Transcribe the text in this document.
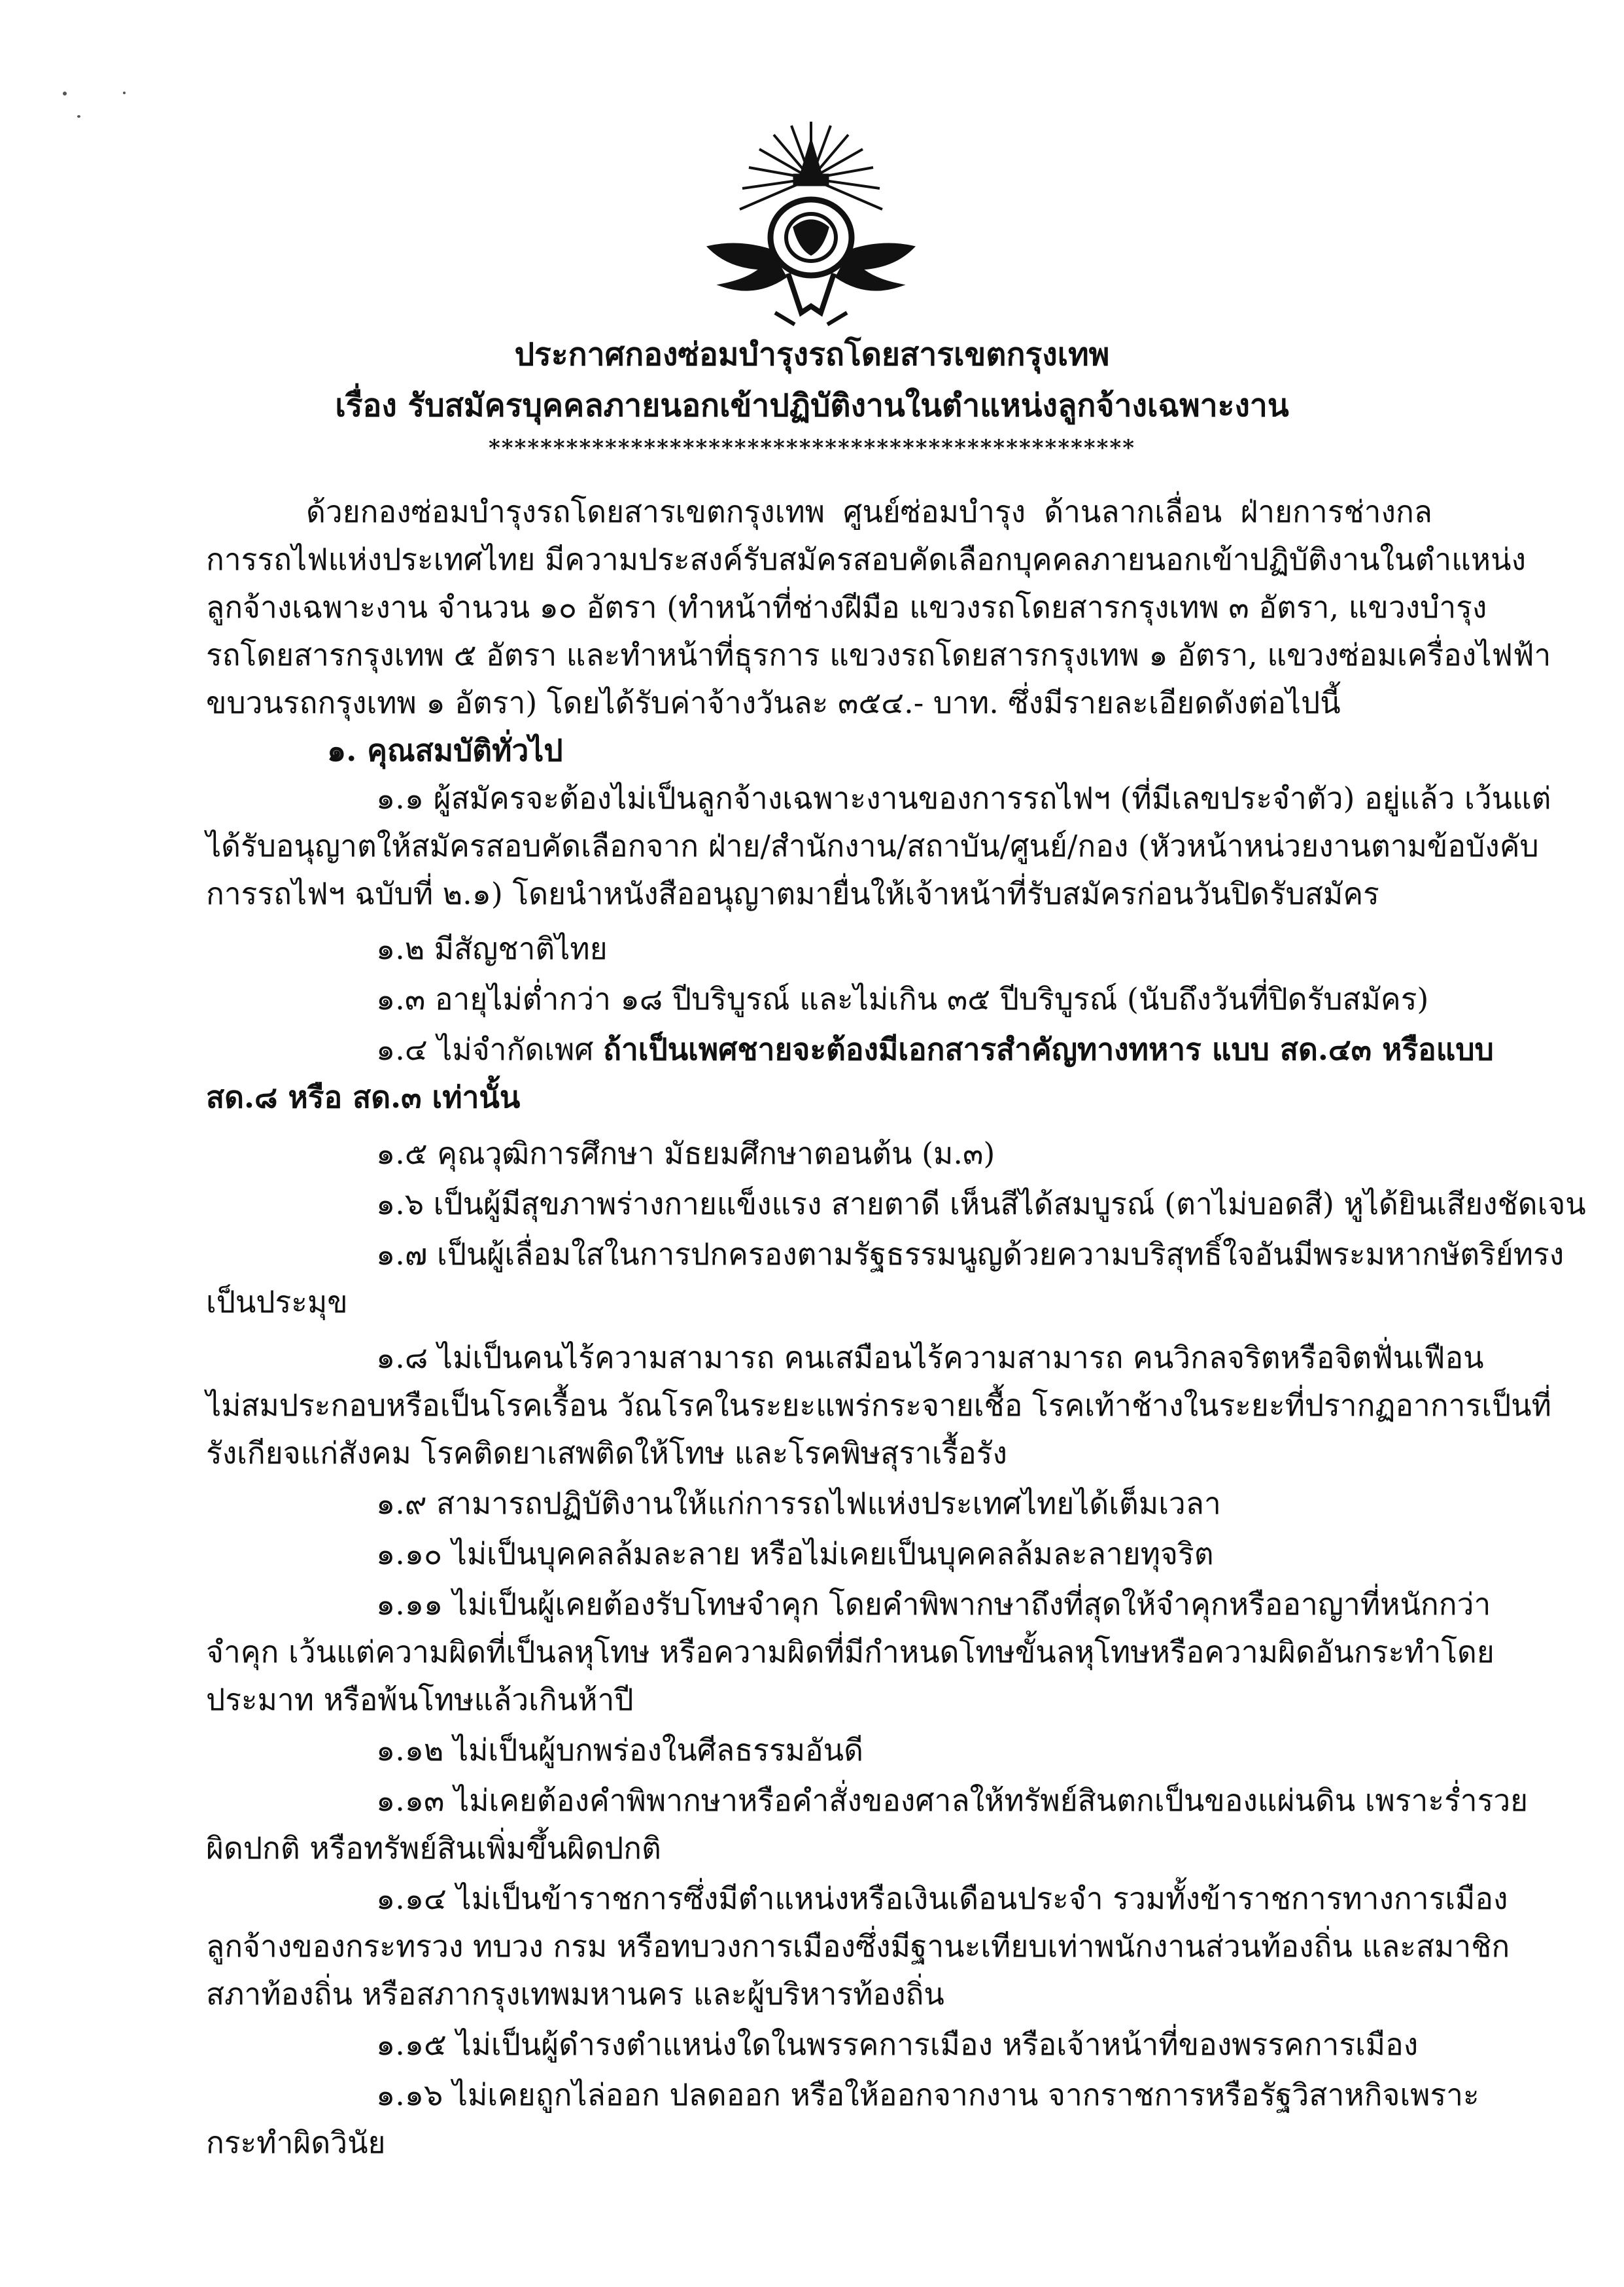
ประกาศกองซ่อมบำรุงรถโดยสารเขตกรุงเทพ
เรื่อง รับสมัครบุคคลภายนอกเข้าปฏิบัติงานในตำแหน่งลูกจ้างเฉพาะงาน
**************************************************
ด้วยกองซ่อมบำรุงรถโดยสารเขตกรุงเทพ ศูนย์ซ่อมบำรุง ด้านลากเลื่อน ฝ่ายการช่างกล
การรถไฟแห่งประเทศไทย มีความประสงค์รับสมัครสอบคัดเลือกบุคคลภายนอกเข้าปฏิบัติงานในตำแหน่ง
ลูกจ้างเฉพาะงาน จำนวน ๑๐ อัตรา (ทำหน้าที่ช่างฝีมือ แขวงรถโดยสารกรุงเทพ ๓ อัตรา, แขวงบำรุง
รถโดยสารกรุงเทพ ๕ อัตรา และทำหน้าที่ธุรการ แขวงรถโดยสารกรุงเทพ ๑ อัตรา, แขวงซ่อมเครื่องไฟฟ้า
ขบวนรถกรุงเทพ ๑ อัตรา) โดยได้รับค่าจ้างวันละ ๓๕๔.- บาท. ซึ่งมีรายละเอียดดังต่อไปนี้
๑. คุณสมบัติทั่วไป
๑.๑ ผู้สมัครจะต้องไม่เป็นลูกจ้างเฉพาะงานของการรถไฟฯ (ที่มีเลขประจำตัว) อยู่แล้ว เว้นแต่
ได้รับอนุญาตให้สมัครสอบคัดเลือกจาก ฝ่าย/สำนักงาน/สถาบัน/ศูนย์/กอง (หัวหน้าหน่วยงานตามข้อบังคับ
การรถไฟฯ ฉบับที่ ๒.๑) โดยนำหนังสืออนุญาตมายื่นให้เจ้าหน้าที่รับสมัครก่อนวันปิดรับสมัคร
๑.๒ มีสัญชาติไทย
๑.๓ อายุไม่ต่ำกว่า ๑๘ ปีบริบูรณ์ และไม่เกิน ๓๕ ปีบริบูรณ์ (นับถึงวันที่ปิดรับสมัคร)
๑.๔ ไม่จำกัดเพศ ถ้าเป็นเพศชายจะต้องมีเอกสารสำคัญทางทหาร แบบ สด.๔๓ หรือแบบ
สด.๘ หรือ สด.๓ เท่านั้น
๑.๕ คุณวุฒิการศึกษา มัธยมศึกษาตอนต้น (ม.๓)
๑.๖ เป็นผู้มีสุขภาพร่างกายแข็งแรง สายตาดี เห็นสีได้สมบูรณ์ (ตาไม่บอดสี) หูได้ยินเสียงชัดเจน
๑.๗ เป็นผู้เลื่อมใสในการปกครองตามรัฐธรรมนูญด้วยความบริสุทธิ์ใจอันมีพระมหากษัตริย์ทรง
เป็นประมุข
๑.๘ ไม่เป็นคนไร้ความสามารถ คนเสมือนไร้ความสามารถ คนวิกลจริตหรือจิตฟั่นเฟือน
ไม่สมประกอบหรือเป็นโรคเรื้อน วัณโรคในระยะแพร่กระจายเชื้อ โรคเท้าช้างในระยะที่ปรากฏอาการเป็นที่
รังเกียจแก่สังคม โรคติดยาเสพติดให้โทษ และโรคพิษสุราเรื้อรัง
๑.๙ สามารถปฏิบัติงานให้แก่การรถไฟแห่งประเทศไทยได้เต็มเวลา
๑.๑๐ ไม่เป็นบุคคลล้มละลาย หรือไม่เคยเป็นบุคคลล้มละลายทุจริต
๑.๑๑ ไม่เป็นผู้เคยต้องรับโทษจำคุก โดยคำพิพากษาถึงที่สุดให้จำคุกหรืออาญาที่หนักกว่า
จำคุก เว้นแต่ความผิดที่เป็นลหุโทษ หรือความผิดที่มีกำหนดโทษขั้นลหุโทษหรือความผิดอันกระทำโดย
ประมาท หรือพ้นโทษแล้วเกินห้าปี
๑.๑๒ ไม่เป็นผู้บกพร่องในศีลธรรมอันดี
๑.๑๓ ไม่เคยต้องคำพิพากษาหรือคำสั่งของศาลให้ทรัพย์สินตกเป็นของแผ่นดิน เพราะร่ำรวย
ผิดปกติ หรือทรัพย์สินเพิ่มขึ้นผิดปกติ
๑.๑๔ ไม่เป็นข้าราชการซึ่งมีตำแหน่งหรือเงินเดือนประจำ รวมทั้งข้าราชการทางการเมือง
ลูกจ้างของกระทรวง ทบวง กรม หรือทบวงการเมืองซึ่งมีฐานะเทียบเท่าพนักงานส่วนท้องถิ่น และสมาชิก
สภาท้องถิ่น หรือสภากรุงเทพมหานคร และผู้บริหารท้องถิ่น
๑.๑๕ ไม่เป็นผู้ดำรงตำแหน่งใดในพรรคการเมือง หรือเจ้าหน้าที่ของพรรคการเมือง
๑.๑๖ ไม่เคยถูกไล่ออก ปลดออก หรือให้ออกจากงาน จากราชการหรือรัฐวิสาหกิจเพราะ
กระทำผิดวินัย
